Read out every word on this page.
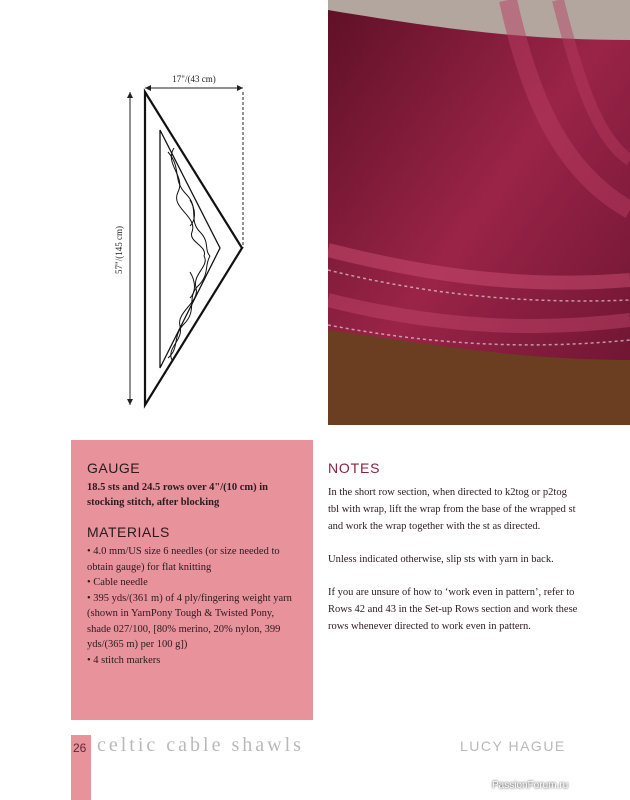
17"/(43 cm)
57"/(145 cm)
GAUGE

18.5 sts and 24.5 rows over 4"/(10 cm) in stocking stitch, after blocking

MATERIALS
• 4.0 mm/US size 6 needles (or size needed to obtain gauge) for flat knitting
• Cable needle
• 395 yds/(361 m) of 4 ply/fingering weight yarn (shown in YarnPony Tough & Twisted Pony, shade 027/100, [80% merino, 20% nylon, 399 yds/(365 m) per 100 g])
• 4 stitch markers
NOTES

In the short row section, when directed to k2tog or p2tog tbl with wrap, lift the wrap from the base of the wrapped st and work the wrap together with the st as directed.

Unless indicated otherwise, slip sts with yarn in back.

If you are unsure of how to ‘work even in pattern’, refer to Rows 42 and 43 in the Set-up Rows section and work these rows whenever directed to work even in pattern.

26 celtic cable shawls	LUCY HAGUE
PassionForum.ru
